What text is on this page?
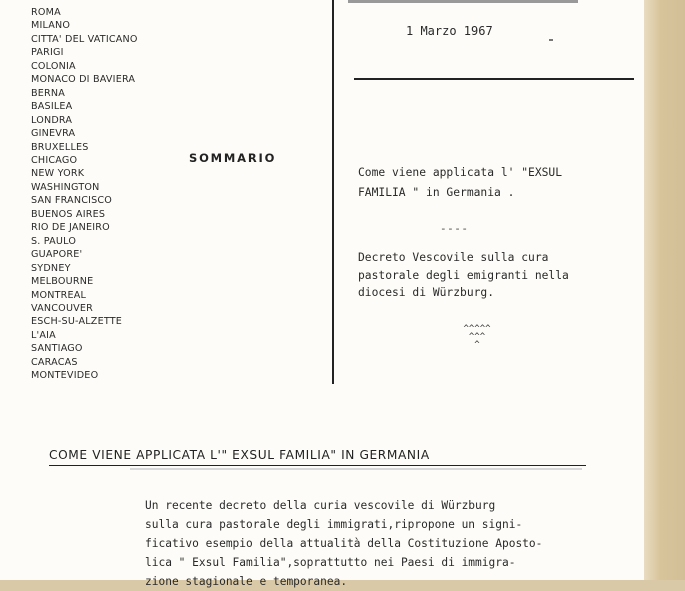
ROMA
MILANO
CITTA' DEL VATICANO
PARIGI
COLONIA
MONACO DI BAVIERA
BERNA
BASILEA
LONDRA
GINEVRA
BRUXELLES
CHICAGO
NEW YORK
WASHINGTON
SAN FRANCISCO
BUENOS AIRES
RIO DE JANEIRO
S. PAULO
GUAPORE'
SYDNEY
MELBOURNE
MONTREAL
VANCOUVER
ESCH-SU-ALZETTE
L'AIA
SANTIAGO
CARACAS
MONTEVIDEO
SOMMARIO
1 Marzo 1967
Come viene applicata l' "EXSUL
FAMILIA " in Germania .
----
Decreto Vescovile sulla cura
pastorale degli emigranti nella
diocesi di Würzburg.
^^^^^
^^^
^
COME VIENE APPLICATA L'" EXSUL FAMILIA" IN GERMANIA
Un recente decreto della curia vescovile di Würzburg
sulla cura pastorale degli immigrati,ripropone un signi-
ficativo esempio della attualità della Costituzione Aposto-
lica " Exsul Familia",soprattutto nei Paesi di immigra-
zione stagionale e temporanea.
